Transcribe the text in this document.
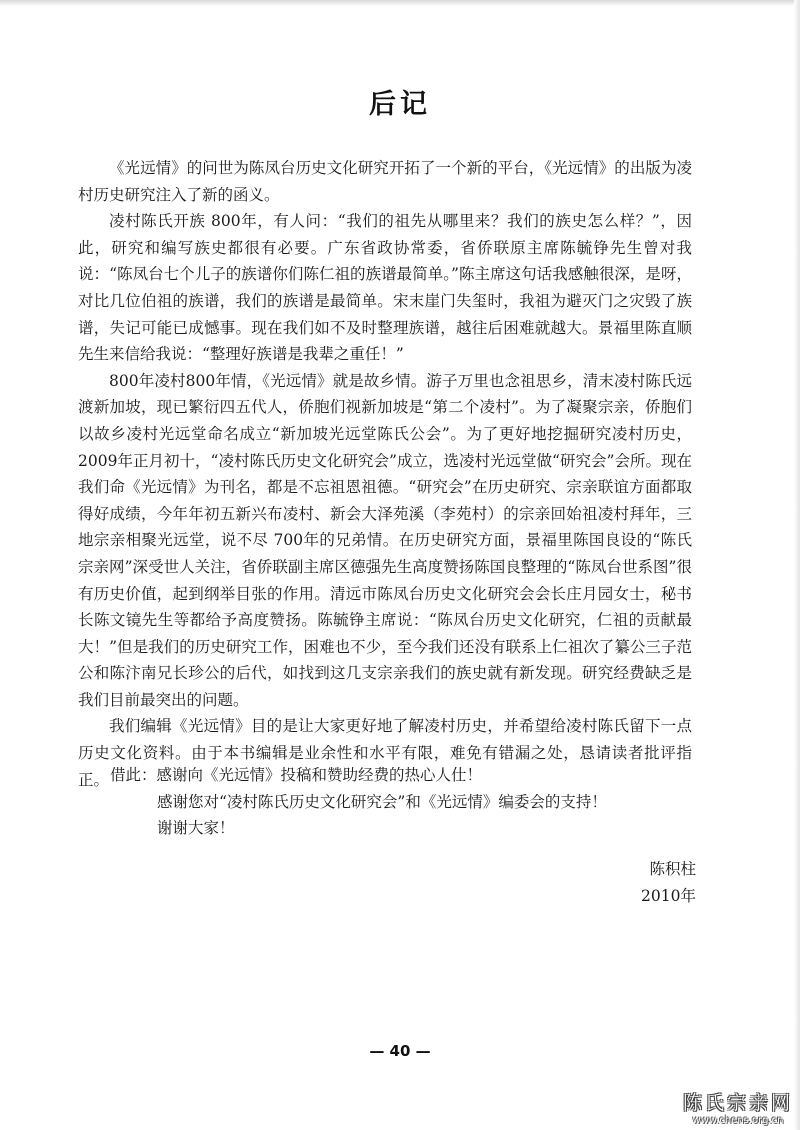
后记

《光远情》的问世为陈凤台历史文化研究开拓了一个新的平台，《光远情》的出版为凌村历史研究注入了新的函义。

凌村陈氏开族 800年，有人问：“我们的祖先从哪里来？我们的族史怎么样？”，因此，研究和编写族史都很有必要。广东省政协常委，省侨联原主席陈毓铮先生曾对我说：“陈凤台七个儿子的族谱你们陈仁祖的族谱最简单。”陈主席这句话我感触很深，是呀，对比几位伯祖的族谱，我们的族谱是最简单。宋末崖门失玺时，我祖为避灭门之灾毁了族谱，失记可能已成憾事。现在我们如不及时整理族谱，越往后困难就越大。景福里陈直顺先生来信给我说：“整理好族谱是我辈之重任！”

800年凌村800年情，《光远情》就是故乡情。游子万里也念祖思乡，清末凌村陈氏远渡新加坡，现已繁衍四五代人，侨胞们视新加坡是“第二个凌村”。为了凝聚宗亲，侨胞们以故乡凌村光远堂命名成立“新加坡光远堂陈氏公会”。为了更好地挖掘研究凌村历史，2009年正月初十，“凌村陈氏历史文化研究会”成立，选凌村光远堂做“研究会”会所。现在我们命《光远情》为刊名，都是不忘祖恩祖德。“研究会”在历史研究、宗亲联谊方面都取得好成绩，今年年初五新兴布凌村、新会大泽苑溪（李苑村）的宗亲回始祖凌村拜年，三地宗亲相聚光远堂，说不尽 700年的兄弟情。在历史研究方面，景福里陈国良设的“陈氏宗亲网”深受世人关注，省侨联副主席区德强先生高度赞扬陈国良整理的“陈凤台世系图”很有历史价值，起到纲举目张的作用。清远市陈凤台历史文化研究会会长庄月园女士，秘书长陈文镜先生等都给予高度赞扬。陈毓铮主席说：“陈凤台历史文化研究，仁祖的贡献最大！”但是我们的历史研究工作，困难也不少，至今我们还没有联系上仁祖次了纂公三子范公和陈汴南兄长珍公的后代，如找到这几支宗亲我们的族史就有新发现。研究经费缺乏是我们目前最突出的问题。

我们编辑《光远情》目的是让大家更好地了解凌村历史，并希望给凌村陈氏留下一点历史文化资料。由于本书编辑是业余性和水平有限，难免有错漏之处，恳请读者批评指正。 借此：感谢向《光远情》投稿和赞助经费的热心人仕！
感谢您对“凌村陈氏历史文化研究会”和《光远情》编委会的支持！
谢谢大家！
陈积柱
2010年
— 40 —
陈氏宗亲网
www.chens.org.cn
